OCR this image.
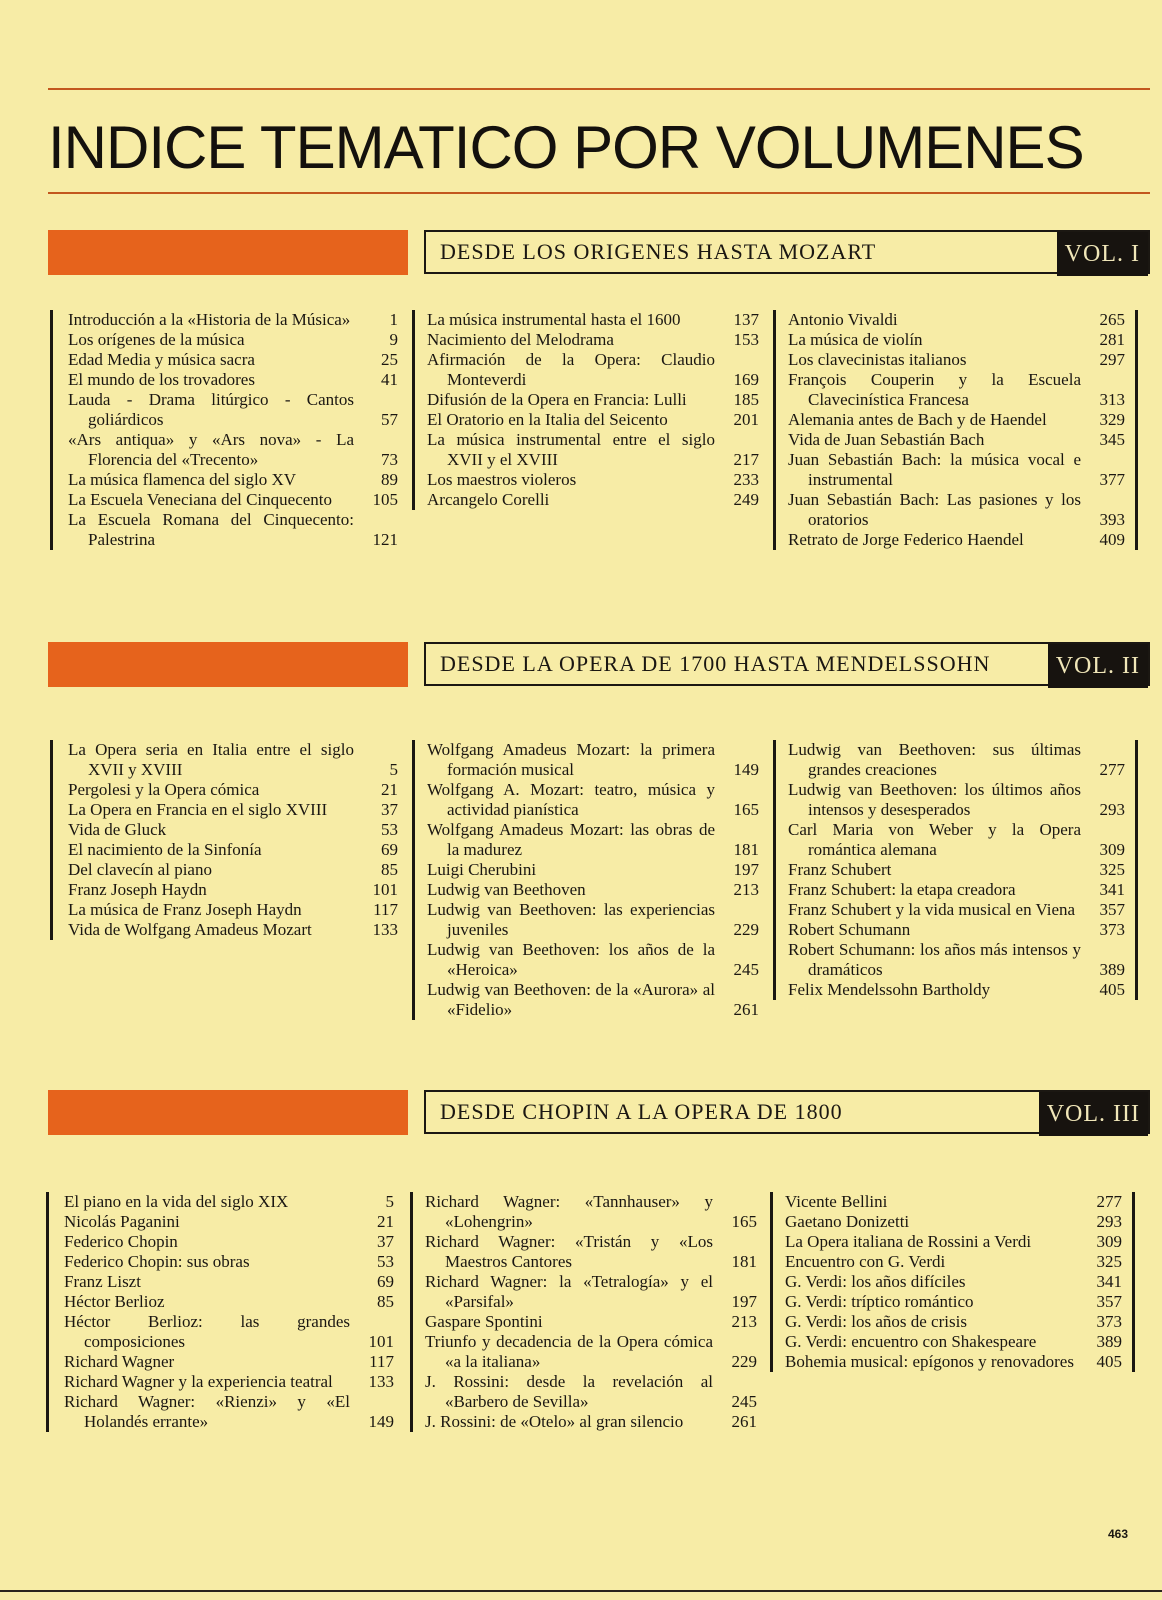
INDICE TEMATICO POR VOLUMENES
DESDE LOS ORIGENES HASTA MOZART	VOL. I
Introducción a la «Historia de la Música»	1
Los orígenes de la música	9
Edad Media y música sacra	25
El mundo de los trovadores	41
Lauda - Drama litúrgico - Cantos goliárdicos	57
«Ars antiqua» y «Ars nova» - La Florencia del «Trecento»	73
La música flamenca del siglo XV	89
La Escuela Veneciana del Cinquecento	105
La Escuela Romana del Cinquecento: Palestrina	121
La música instrumental hasta el 1600	137
Nacimiento del Melodrama	153
Afirmación de la Opera: Claudio Monteverdi	169
Difusión de la Opera en Francia: Lulli	185
El Oratorio en la Italia del Seicento	201
La música instrumental entre el siglo XVII y el XVIII	217
Los maestros violeros	233
Arcangelo Corelli	249
Antonio Vivaldi	265
La música de violín	281
Los clavecinistas italianos	297
François Couperin y la Escuela Clavecinística Francesa	313
Alemania antes de Bach y de Haendel	329
Vida de Juan Sebastián Bach	345
Juan Sebastián Bach: la música vocal e instrumental	377
Juan Sebastián Bach: Las pasiones y los oratorios	393
Retrato de Jorge Federico Haendel	409
DESDE LA OPERA DE 1700 HASTA MENDELSSOHN	VOL. II
La Opera seria en Italia entre el siglo XVII y XVIII	5
Pergolesi y la Opera cómica	21
La Opera en Francia en el siglo XVIII	37
Vida de Gluck	53
El nacimiento de la Sinfonía	69
Del clavecín al piano	85
Franz Joseph Haydn	101
La música de Franz Joseph Haydn	117
Vida de Wolfgang Amadeus Mozart	133
Wolfgang Amadeus Mozart: la primera formación musical	149
Wolfgang A. Mozart: teatro, música y actividad pianística	165
Wolfgang Amadeus Mozart: las obras de la madurez	181
Luigi Cherubini	197
Ludwig van Beethoven	213
Ludwig van Beethoven: las experiencias juveniles	229
Ludwig van Beethoven: los años de la «Heroica»	245
Ludwig van Beethoven: de la «Aurora» al «Fidelio»	261
Ludwig van Beethoven: sus últimas grandes creaciones	277
Ludwig van Beethoven: los últimos años intensos y desesperados	293
Carl Maria von Weber y la Opera romántica alemana	309
Franz Schubert	325
Franz Schubert: la etapa creadora	341
Franz Schubert y la vida musical en Viena	357
Robert Schumann	373
Robert Schumann: los años más intensos y dramáticos	389
Felix Mendelssohn Bartholdy	405
DESDE CHOPIN A LA OPERA DE 1800	VOL. III
El piano en la vida del siglo XIX	5
Nicolás Paganini	21
Federico Chopin	37
Federico Chopin: sus obras	53
Franz Liszt	69
Héctor Berlioz	85
Héctor Berlioz: las grandes composiciones	101
Richard Wagner	117
Richard Wagner y la experiencia teatral	133
Richard Wagner: «Rienzi» y «El Holandés errante»	149
Richard Wagner: «Tannhauser» y «Lohengrin»	165
Richard Wagner: «Tristán y «Los Maestros Cantores	181
Richard Wagner: la «Tetralogía» y el «Parsifal»	197
Gaspare Spontini	213
Triunfo y decadencia de la Opera cómica «a la italiana»	229
J. Rossini: desde la revelación al «Barbero de Sevilla»	245
J. Rossini: de «Otelo» al gran silencio	261
Vicente Bellini	277
Gaetano Donizetti	293
La Opera italiana de Rossini a Verdi	309
Encuentro con G. Verdi	325
G. Verdi: los años difíciles	341
G. Verdi: tríptico romántico	357
G. Verdi: los años de crisis	373
G. Verdi: encuentro con Shakespeare	389
Bohemia musical: epígonos y renovadores	405
463
